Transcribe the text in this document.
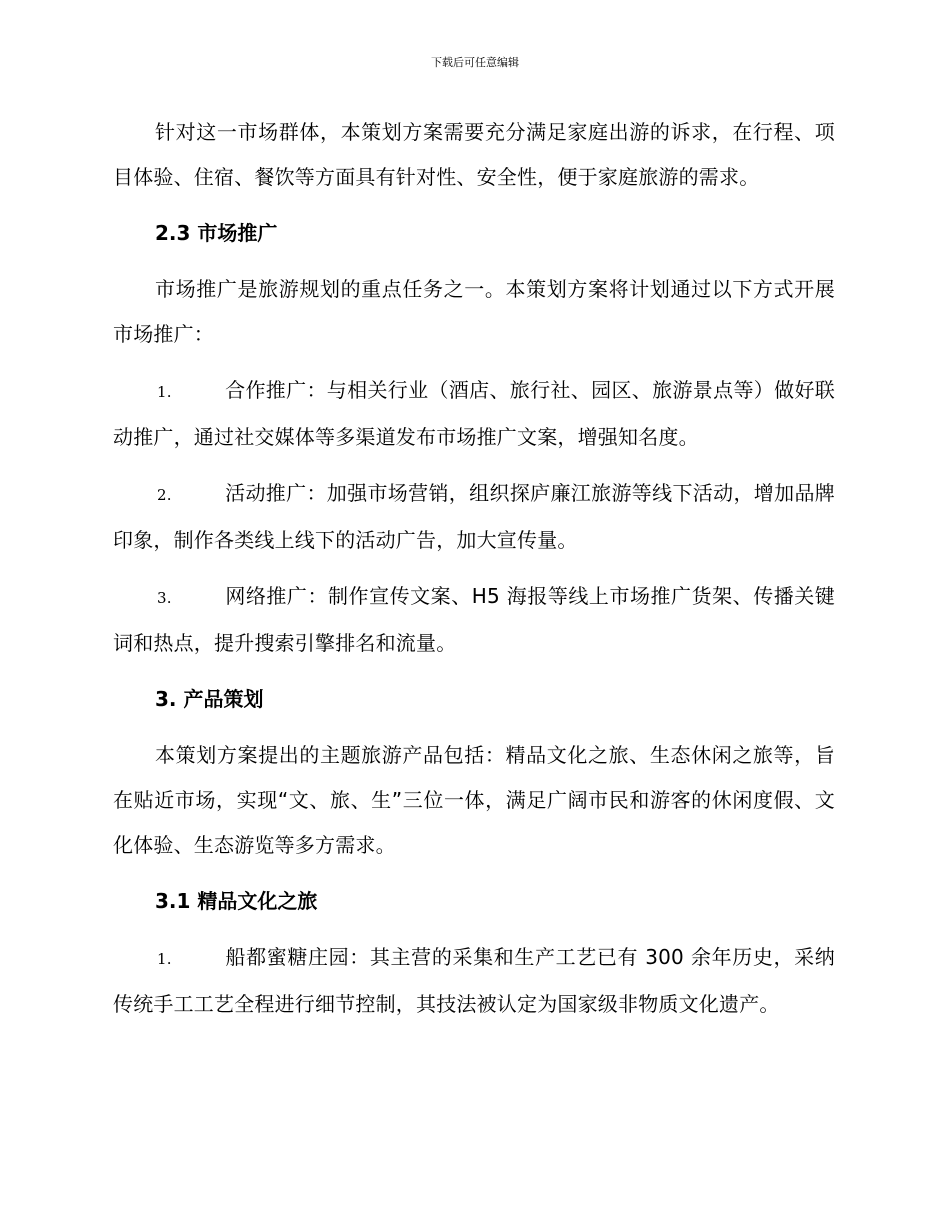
下载后可任意编辑

针对这一市场群体，本策划方案需要充分满足家庭出游的诉求，在行程、项目体验、住宿、餐饮等方面具有针对性、安全性，便于家庭旅游的需求。

2.3 市场推广

市场推广是旅游规划的重点任务之一。本策划方案将计划通过以下方式开展市场推广：

1.	合作推广：与相关行业（酒店、旅行社、园区、旅游景点等）做好联动推广，通过社交媒体等多渠道发布市场推广文案，增强知名度。
2.	活动推广：加强市场营销，组织探庐廉江旅游等线下活动，增加品牌印象，制作各类线上线下的活动广告，加大宣传量。
3.	网络推广：制作宣传文案、H5 海报等线上市场推广货架、传播关键词和热点，提升搜索引擎排名和流量。
3. 产品策划

本策划方案提出的主题旅游产品包括：精品文化之旅、生态休闲之旅等，旨在贴近市场，实现“文、旅、生”三位一体，满足广阔市民和游客的休闲度假、文化体验、生态游览等多方需求。

3.1 精品文化之旅
1.	船都蜜糖庄园：其主营的采集和生产工艺已有 300 余年历史，采纳传统手工工艺全程进行细节控制，其技法被认定为国家级非物质文化遗产。
